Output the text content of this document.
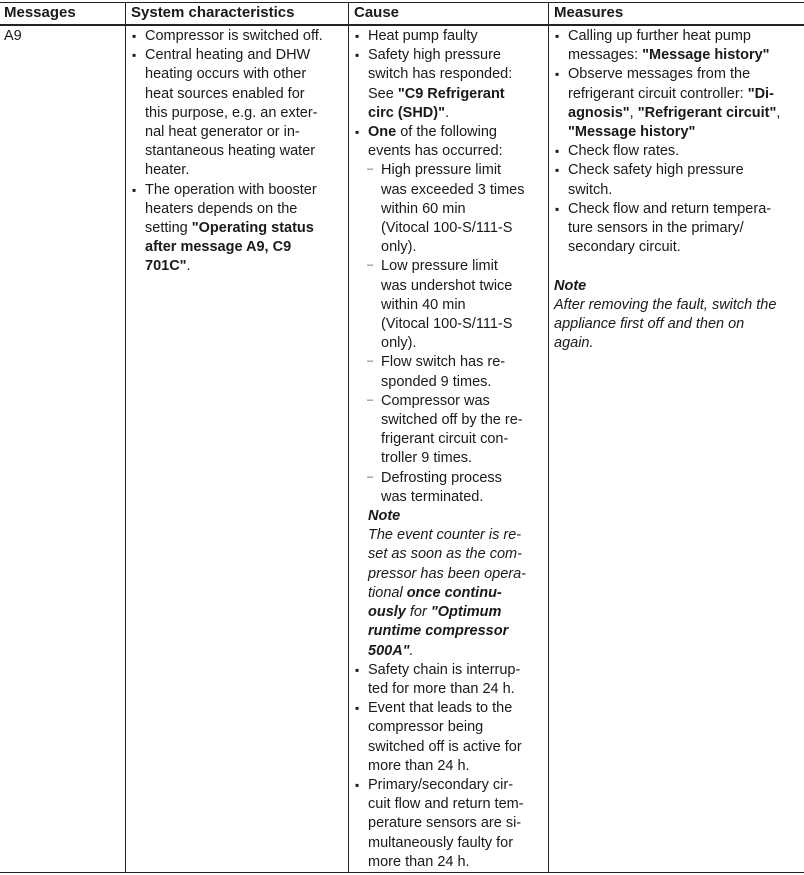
Messages	System characteristics	Cause	Measures
A9
▪	Compressor is switched off.
▪ Central heating and DHW
heating occurs with other
heat sources enabled for
this purpose, e.g. an exter-
nal heat generator or in-
stantaneous heating water
heater.
▪ The operation with booster
heaters depends on the
setting "Operating status
after message A9, C9
701C".
▪ Heat pump faulty
▪ Safety high pressure
switch has responded:
See "C9 Refrigerant
circ (SHD)".
▪ One of the following
events has occurred:
– High pressure limit
was exceeded 3 times
within 60 min
(Vitocal 100-S/111-S
only).
– Low pressure limit
was undershot twice
within 40 min
(Vitocal 100-S/111-S
only).
– Flow switch has re-
sponded 9 times.
– Compressor was
switched off by the re-
frigerant circuit con-
troller 9 times.
– Defrosting process
was terminated.
Note
The event counter is re-
set as soon as the com-
pressor has been opera-
tional once continu-
ously for "Optimum
runtime compressor
500A".
▪ Safety chain is interrup-
ted for more than 24 h.
▪ Event that leads to the
compressor being
switched off is active for
more than 24 h.
▪ Primary/secondary cir-
cuit flow and return tem-
perature sensors are si-
multaneously faulty for
more than 24 h.
▪ Calling up further heat pump
messages: "Message history"
▪ Observe messages from the
refrigerant circuit controller: "Di-
agnosis", "Refrigerant circuit",
"Message history"
▪ Check flow rates.
▪ Check safety high pressure
switch.
▪ Check flow and return tempera-
ture sensors in the primary/
secondary circuit.
Note
After removing the fault, switch the
appliance first off and then on
again.
